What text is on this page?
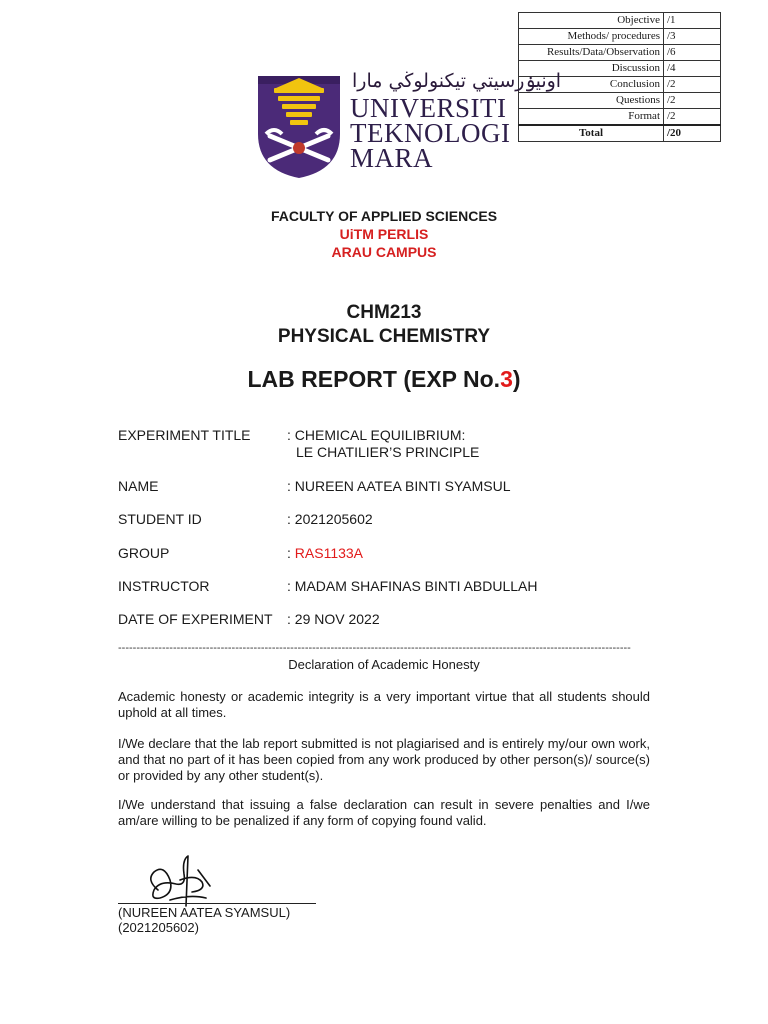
Objective	/1
Methods/ procedures	/3
Results/Data/Observation	/6
Discussion	/4
Conclusion	/2
Questions	/2
Format	/2
Total	/20
اونيۏرسيتي تيكنولوڬي مارا
UNIVERSITI
TEKNOLOGI
MARA
FACULTY OF APPLIED SCIENCES
UiTM PERLIS
ARAU CAMPUS
CHM213
PHYSICAL CHEMISTRY
LAB REPORT (EXP No.3)
EXPERIMENT TITLE	: CHEMICAL EQUILIBRIUM:
LE CHATILIER’S PRINCIPLE
NAME	: NUREEN AATEA BINTI SYAMSUL
STUDENT ID	: 2021205602
GROUP	: RAS1133A
INSTRUCTOR	: MADAM SHAFINAS BINTI ABDULLAH
DATE OF EXPERIMENT	: 29 NOV 2022
--------------------------------------------------------------------------------------------------------------------------------------------
Declaration of Academic Honesty
Academic honesty or academic integrity is a very important virtue that all students should uphold at all times.
I/We declare that the lab report submitted is not plagiarised and is entirely my/our own work, and that no part of it has been copied from any work produced by other person(s)/ source(s) or provided by any other student(s).
I/We understand that issuing a false declaration can result in severe penalties and I/we am/are willing to be penalized if any form of copying found valid.
(NUREEN AATEA SYAMSUL)
(2021205602)
